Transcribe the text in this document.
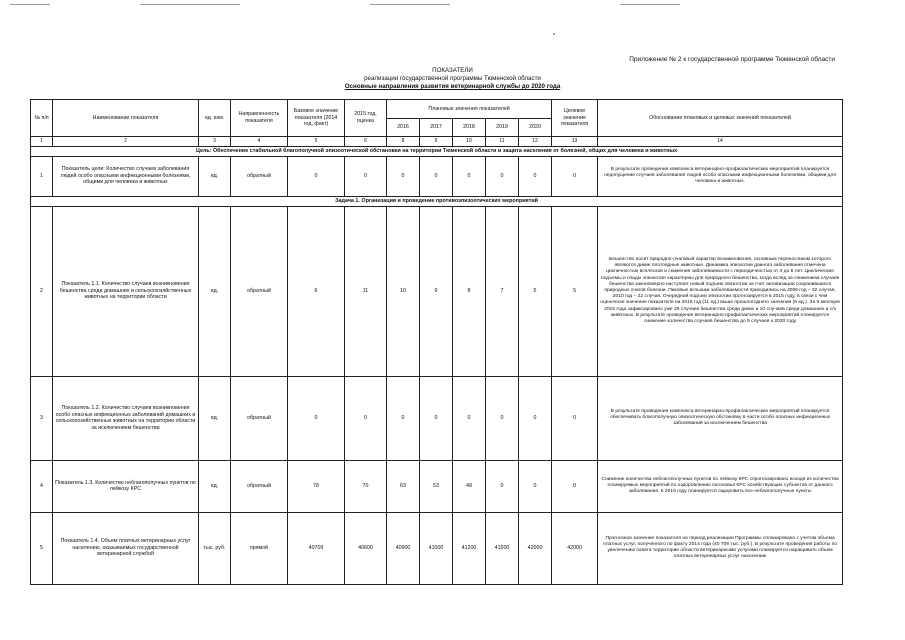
Приложение № 2 к государственной программе Тюменской области
ПОКАЗАТЕЛИ
реализации государственной программы Тюменской области
Основные направления развития ветеринарной службы до 2020 года
№ п/п	Наименование показателя	ед. изм.	Направленность показателя	Базовое значение показателя (2014 год, факт)	2015 год, оценка	Плановые значения показателей					Целевое значение показателя	Обоснование плановых и целевых значений показателей
						2016	2017	2018	2019	2020		
1	2	3	4	5	6	8	9	10	11	12	13	14
Цель: Обеспечение стабильной благополучной эпизоотической обстановки на территории Тюменской области и защита населения от болезней, общих для человека и животных												
1	Показатель цели: Количество случаев заболевания людей особо опасными инфекционными болезнями, общими для человека и животных	ед.	обратный	0	0	0	0	0	0	0	0	В результате проведения комплекса ветеринарно-профилактических мероприятий планируется недопущение случаев заболевания людей особо опасными инфекционными болезнями, общими для человека и животных.
Задача 1. Организация и проведение противоэпизоотических мероприятий												
2	Показатель 1.1. Количество случаев возникновения бешенства среди домашних и сельскохозяйственных животных на территории области	ед.	обратный	6	11	10	9	8	7	5	5	Бешенство носит природно-очаговый характер возникновения, основным переносчиком которого являются дикие плотоядные животные. Динамика эпизоотии данного заболевания отмечена цикличностью всплесков и снижения заболеваемости с периодичностью от 3 до 5 лет. Циклические подъемы и спады эпизоотии характерны для природного бешенства, когда вслед за снижением случаев бешенства закономерно наступает новый подъем эпизоотии за счет активизации сохранившихся природных очагов болезни. Пиковые вспышки заболеваемости приходились на 2006 год – 32 случая, 2010 год – 22 случая. Очередной подъем эпизоотии прогнозируется в 2015 году, в связи с чем оценочное значение показателя на 2015 год (11 ед.) выше прошлогоднего значения (6 ед.). За 9 месяцев 2015 года зафиксировано уже 25 случаев бешенства среди диких и 10 случаев среди домашних и с/х животных. В результате проведения ветеринарно-профилактических мероприятий планируется снижение количества случаев бешенства до 5 случаев к 2020 году
3	Показатель 1.2. Количество случаев возникновения особо опасных инфекционных заболеваний домашних и сельскохозяйственных животных на территории области за исключением бешенства	ед.	обратный	0	0	0	0	0	0	0	0	В результате проведения комплекса ветеринарно-профилактических мероприятий планируется обеспечивать благополучную эпизоотическую обстановку в части особо опасных инфекционных заболеваний за исключением бешенства
4	Показатель 1.3. Количество неблагополучных пунктов по лейкозу КРС	ед.	обратный	78	70	63	53	48	0	0	0	Снижение количества неблагополучных пунктов по лейкозу КРС спрогнозировано исходя из количества планируемых мероприятий по оздоровлению поголовья КРС хозяйствующих субъектов от данного заболевания. К 2019 году планируется оздоровить все неблагополучные пункты
5	Показатель 1.4. Объем платных ветеринарных услуг населению, оказываемых государственной ветеринарной службой	тыс. руб.	прямой	40709	40600	40900	41000	41200	41500	42000	42000	Прогнозное значение показателя на период реализации Программы спланировано с учетом объема платных услуг, полученного по факту 2014 года (40 709 тыс. руб.). В результате проведения работы по увеличению охвата территории области ветеринарными услугами планируется наращивать объем платных ветеринарных услуг населению
